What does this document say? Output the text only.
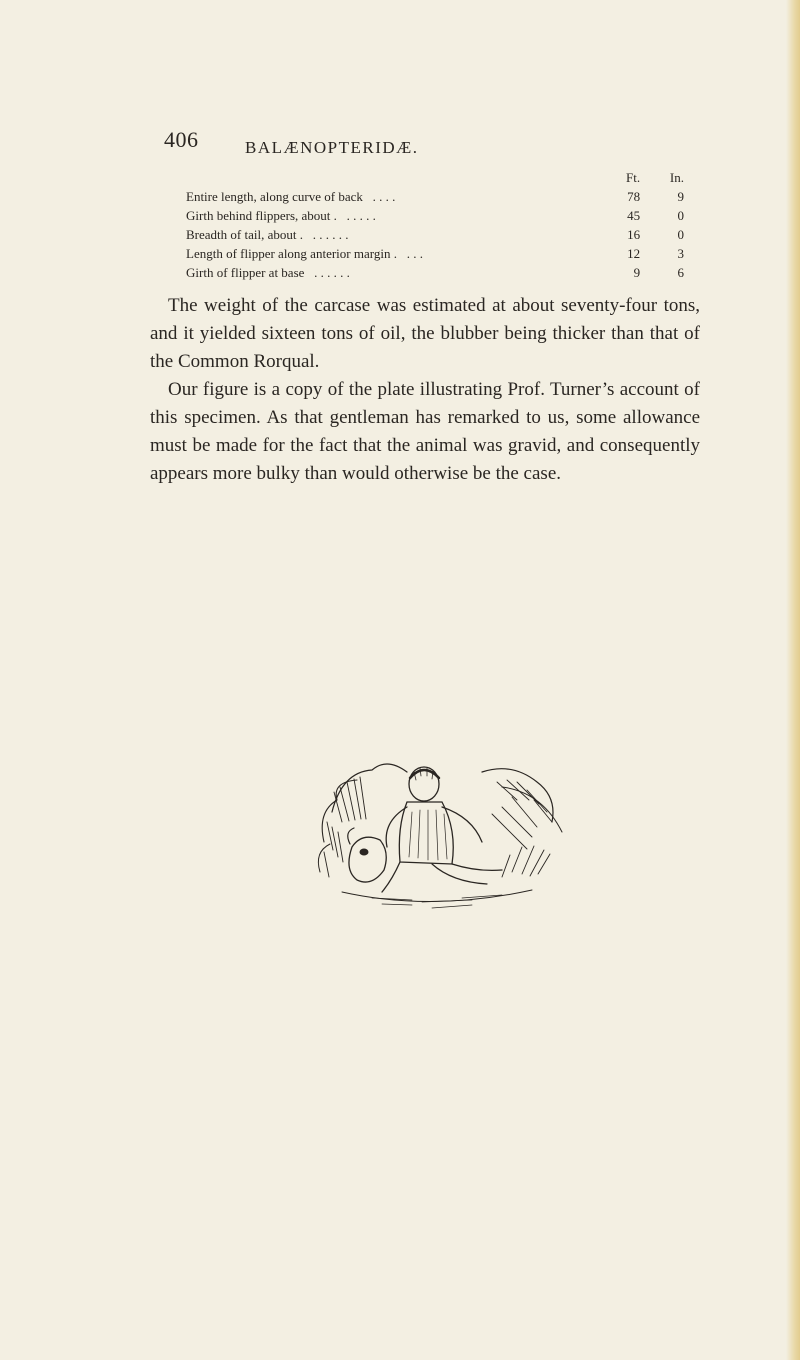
406	BALÆNOPTERIDÆ.
	Ft.	In.
Entire length, along curve of back . . . .	78	9
Girth behind flippers, about . . . . . .	45	0
Breadth of tail, about . . . . . . .	16	0
Length of flipper along anterior margin . . . .	12	3
Girth of flipper at base . . . . . .	9	6

The weight of the carcase was estimated at about seventy-four tons, and it yielded sixteen tons of oil, the blubber being thicker than that of the Common Rorqual.

Our figure is a copy of the plate illustrating Prof. Turner’s account of this specimen. As that gentleman has remarked to us, some allowance must be made for the fact that the animal was gravid, and consequently appears more bulky than would otherwise be the case.
